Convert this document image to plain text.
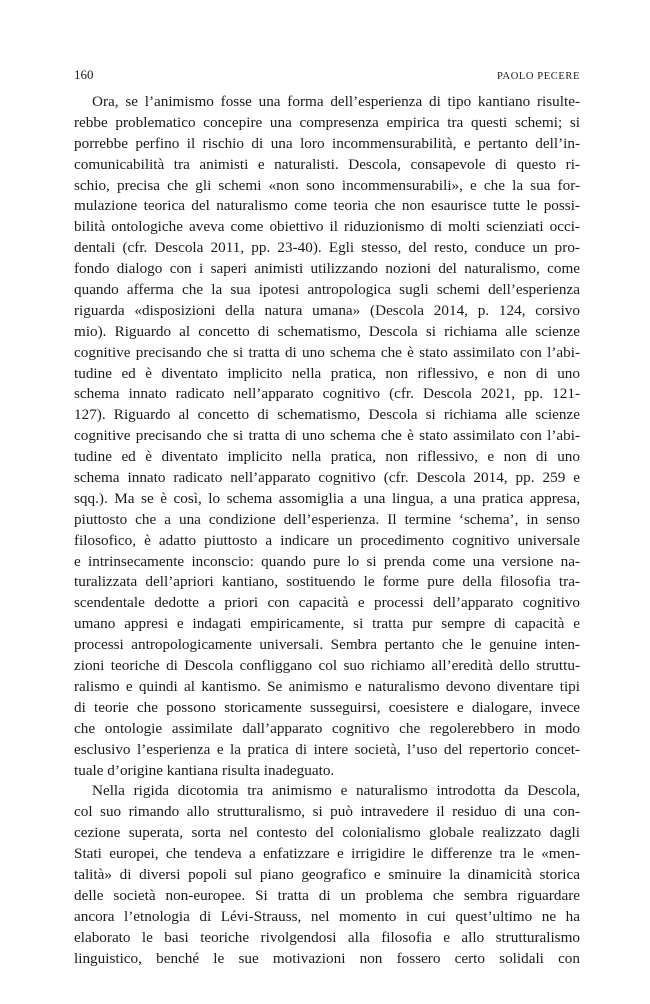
160	PAOLO PECERE
Ora, se l’animismo fosse una forma dell’esperienza di tipo kantiano risulte-
rebbe problematico concepire una compresenza empirica tra questi schemi; si
porrebbe perfino il rischio di una loro incommensurabilità, e pertanto dell’in-
comunicabilità tra animisti e naturalisti. Descola, consapevole di questo ri-
schio, precisa che gli schemi «non sono incommensurabili», e che la sua for-
mulazione teorica del naturalismo come teoria che non esaurisce tutte le possi-
bilità ontologiche aveva come obiettivo il riduzionismo di molti scienziati occi-
dentali (cfr. Descola 2011, pp. 23-40). Egli stesso, del resto, conduce un pro-
fondo dialogo con i saperi animisti utilizzando nozioni del naturalismo, come
quando afferma che la sua ipotesi antropologica sugli schemi dell’esperienza
riguarda «disposizioni della natura umana» (Descola 2014, p. 124, corsivo
mio). Riguardo al concetto di schematismo, Descola si richiama alle scienze
cognitive precisando che si tratta di uno schema che è stato assimilato con l’abi-
tudine ed è diventato implicito nella pratica, non riflessivo, e non di uno
schema innato radicato nell’apparato cognitivo (cfr. Descola 2021, pp. 121-
127). Riguardo al concetto di schematismo, Descola si richiama alle scienze
cognitive precisando che si tratta di uno schema che è stato assimilato con l’abi-
tudine ed è diventato implicito nella pratica, non riflessivo, e non di uno
schema innato radicato nell’apparato cognitivo (cfr. Descola 2014, pp. 259 e
sqq.). Ma se è così, lo schema assomiglia a una lingua, a una pratica appresa,
piuttosto che a una condizione dell’esperienza. Il termine ‘schema’, in senso
filosofico, è adatto piuttosto a indicare un procedimento cognitivo universale
e intrinsecamente inconscio: quando pure lo si prenda come una versione na-
turalizzata dell’apriori kantiano, sostituendo le forme pure della filosofia tra-
scendentale dedotte a priori con capacità e processi dell’apparato cognitivo
umano appresi e indagati empiricamente, si tratta pur sempre di capacità e
processi antropologicamente universali. Sembra pertanto che le genuine inten-
zioni teoriche di Descola confliggano col suo richiamo all’eredità dello struttu-
ralismo e quindi al kantismo. Se animismo e naturalismo devono diventare tipi
di teorie che possono storicamente susseguirsi, coesistere e dialogare, invece
che ontologie assimilate dall’apparato cognitivo che regolerebbero in modo
esclusivo l’esperienza e la pratica di intere società, l’uso del repertorio concet-
tuale d’origine kantiana risulta inadeguato.
Nella rigida dicotomia tra animismo e naturalismo introdotta da Descola,
col suo rimando allo strutturalismo, si può intravedere il residuo di una con-
cezione superata, sorta nel contesto del colonialismo globale realizzato dagli
Stati europei, che tendeva a enfatizzare e irrigidire le differenze tra le «men-
talità» di diversi popoli sul piano geografico e sminuire la dinamicità storica
delle società non-europee. Si tratta di un problema che sembra riguardare
ancora l’etnologia di Lévi-Strauss, nel momento in cui quest’ultimo ne ha
elaborato le basi teoriche rivolgendosi alla filosofia e allo strutturalismo
linguistico, benché le sue motivazioni non fossero certo solidali con
